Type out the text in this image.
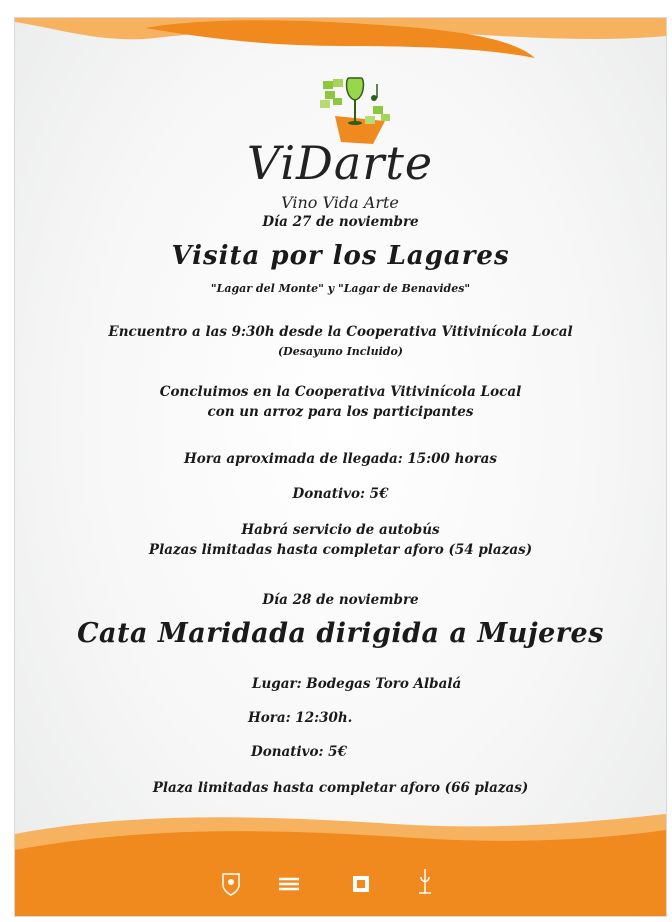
ViDarte
Vino Vida Arte
Día 27 de noviembre
Visita por los Lagares
"Lagar del Monte" y "Lagar de Benavides"
Encuentro a las 9:30h desde la Cooperativa Vitivinícola Local
(Desayuno Incluido)
Concluimos en la Cooperativa Vitivinícola Local
con un arroz para los participantes
Hora aproximada de llegada: 15:00 horas
Donativo: 5€
Habrá servicio de autobús
Plazas limitadas hasta completar aforo (54 plazas)
Día 28 de noviembre
Cata Maridada dirigida a Mujeres
Lugar: Bodegas Toro Albalá
Hora: 12:30h.
Donativo: 5€
Plaza limitadas hasta completar aforo (66 plazas)
